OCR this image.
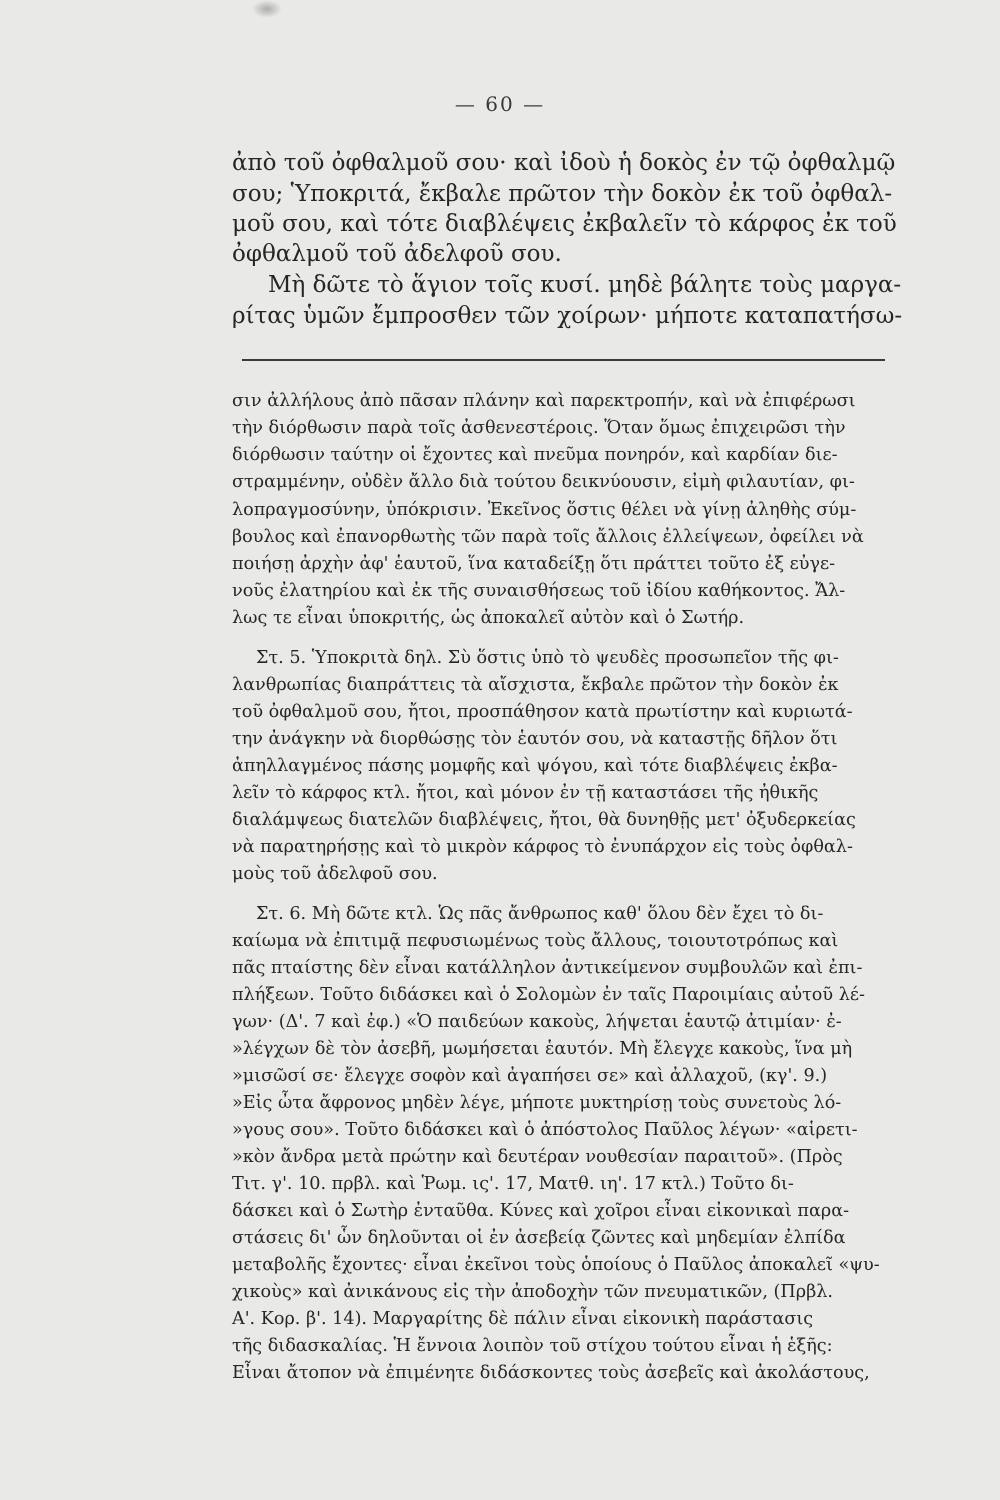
— 60 —
ἀπὸ τοῦ ὀφθαλμοῦ σου· καὶ ἰδοὺ ἡ δοκὸς ἐν τῷ ὀφθαλμῷ
σου; Ὑποκριτά, ἔκβαλε πρῶτον τὴν δοκὸν ἐκ τοῦ ὀφθαλ-
μοῦ σου, καὶ τότε διαβλέψεις ἐκβαλεῖν τὸ κάρφος ἐκ τοῦ
ὀφθαλμοῦ τοῦ ἀδελφοῦ σου.
Μὴ δῶτε τὸ ἅγιον τοῖς κυσί. μηδὲ βάλητε τοὺς μαργα-
ρίτας ὑμῶν ἔμπροσθεν τῶν χοίρων· μήποτε καταπατήσω-
σιν ἀλλήλους ἀπὸ πᾶσαν πλάνην καὶ παρεκτροπήν, καὶ νὰ ἐπιφέρωσι
τὴν διόρθωσιν παρὰ τοῖς ἀσθενεστέροις. Ὅταν ὅμως ἐπιχειρῶσι τὴν
διόρθωσιν ταύτην οἱ ἔχοντες καὶ πνεῦμα πονηρόν, καὶ καρδίαν διε-
στραμμένην, οὐδὲν ἄλλο διὰ τούτου δεικνύουσιν, εἰμὴ φιλαυτίαν, φι-
λοπραγμοσύνην, ὑπόκρισιν. Ἐκεῖνος ὅστις θέλει νὰ γίνῃ ἀληθὴς σύμ-
βουλος καὶ ἐπανορθωτὴς τῶν παρὰ τοῖς ἄλλοις ἐλλείψεων, ὀφείλει νὰ
ποιήσῃ ἀρχὴν ἀφ' ἑαυτοῦ, ἵνα καταδείξῃ ὅτι πράττει τοῦτο ἐξ εὐγε-
νοῦς ἐλατηρίου καὶ ἐκ τῆς συναισθήσεως τοῦ ἰδίου καθήκοντος. Ἄλ-
λως τε εἶναι ὑποκριτής, ὡς ἀποκαλεῖ αὐτὸν καὶ ὁ Σωτήρ.
Στ. 5. Ὑποκριτὰ δηλ. Σὺ ὅστις ὑπὸ τὸ ψευδὲς προσωπεῖον τῆς φι-
λανθρωπίας διαπράττεις τὰ αἴσχιστα, ἔκβαλε πρῶτον τὴν δοκὸν ἐκ
τοῦ ὀφθαλμοῦ σου, ἤτοι, προσπάθησον κατὰ πρωτίστην καὶ κυριωτά-
την ἀνάγκην νὰ διορθώσῃς τὸν ἑαυτόν σου, νὰ καταστῇς δῆλον ὅτι
ἀπηλλαγμένος πάσης μομφῆς καὶ ψόγου, καὶ τότε διαβλέψεις ἐκβα-
λεῖν τὸ κάρφος κτλ. ἤτοι, καὶ μόνον ἐν τῇ καταστάσει τῆς ἠθικῆς
διαλάμψεως διατελῶν διαβλέψεις, ἤτοι, θὰ δυνηθῇς μετ' ὀξυδερκείας
νὰ παρατηρήσῃς καὶ τὸ μικρὸν κάρφος τὸ ἐνυπάρχον εἰς τοὺς ὀφθαλ-
μοὺς τοῦ ἀδελφοῦ σου.
Στ. 6. Μὴ δῶτε κτλ. Ὡς πᾶς ἄνθρωπος καθ' ὅλου δὲν ἔχει τὸ δι-
καίωμα νὰ ἐπιτιμᾷ πεφυσιωμένως τοὺς ἄλλους, τοιουτοτρόπως καὶ
πᾶς πταίστης δὲν εἶναι κατάλληλον ἀντικείμενον συμβουλῶν καὶ ἐπι-
πλήξεων. Τοῦτο διδάσκει καὶ ὁ Σολομὼν ἐν ταῖς Παροιμίαις αὐτοῦ λέ-
γων· (Δ'. 7 καὶ ἐφ.) «Ὁ παιδεύων κακοὺς, λήψεται ἑαυτῷ ἀτιμίαν· ἐ-
»λέγχων δὲ τὸν ἀσεβῆ, μωμήσεται ἑαυτόν. Μὴ ἔλεγχε κακοὺς, ἵνα μὴ
»μισῶσί σε· ἔλεγχε σοφὸν καὶ ἀγαπήσει σε» καὶ ἀλλαχοῦ, (κγ'. 9.)
»Εἰς ὦτα ἄφρονος μηδὲν λέγε, μήποτε μυκτηρίσῃ τοὺς συνετοὺς λό-
»γους σου». Τοῦτο διδάσκει καὶ ὁ ἀπόστολος Παῦλος λέγων· «αἱρετι-
»κὸν ἄνδρα μετὰ πρώτην καὶ δευτέραν νουθεσίαν παραιτοῦ». (Πρὸς
Τιτ. γ'. 10. πρβλ. καὶ Ῥωμ. ις'. 17, Ματθ. ιη'. 17 κτλ.) Τοῦτο δι-
δάσκει καὶ ὁ Σωτὴρ ἐνταῦθα. Κύνες καὶ χοῖροι εἶναι εἰκονικαὶ παρα-
στάσεις δι' ὧν δηλοῦνται οἱ ἐν ἀσεβείᾳ ζῶντες καὶ μηδεμίαν ἐλπίδα
μεταβολῆς ἔχοντες· εἶναι ἐκεῖνοι τοὺς ὁποίους ὁ Παῦλος ἀποκαλεῖ «ψυ-
χικοὺς» καὶ ἀνικάνους εἰς τὴν ἀποδοχὴν τῶν πνευματικῶν, (Πρβλ.
Α'. Κορ. β'. 14). Μαργαρίτης δὲ πάλιν εἶναι εἰκονικὴ παράστασις
τῆς διδασκαλίας. Ἡ ἔννοια λοιπὸν τοῦ στίχου τούτου εἶναι ἡ ἑξῆς:
Εἶναι ἄτοπον νὰ ἐπιμένητε διδάσκοντες τοὺς ἀσεβεῖς καὶ ἀκολάστους,
